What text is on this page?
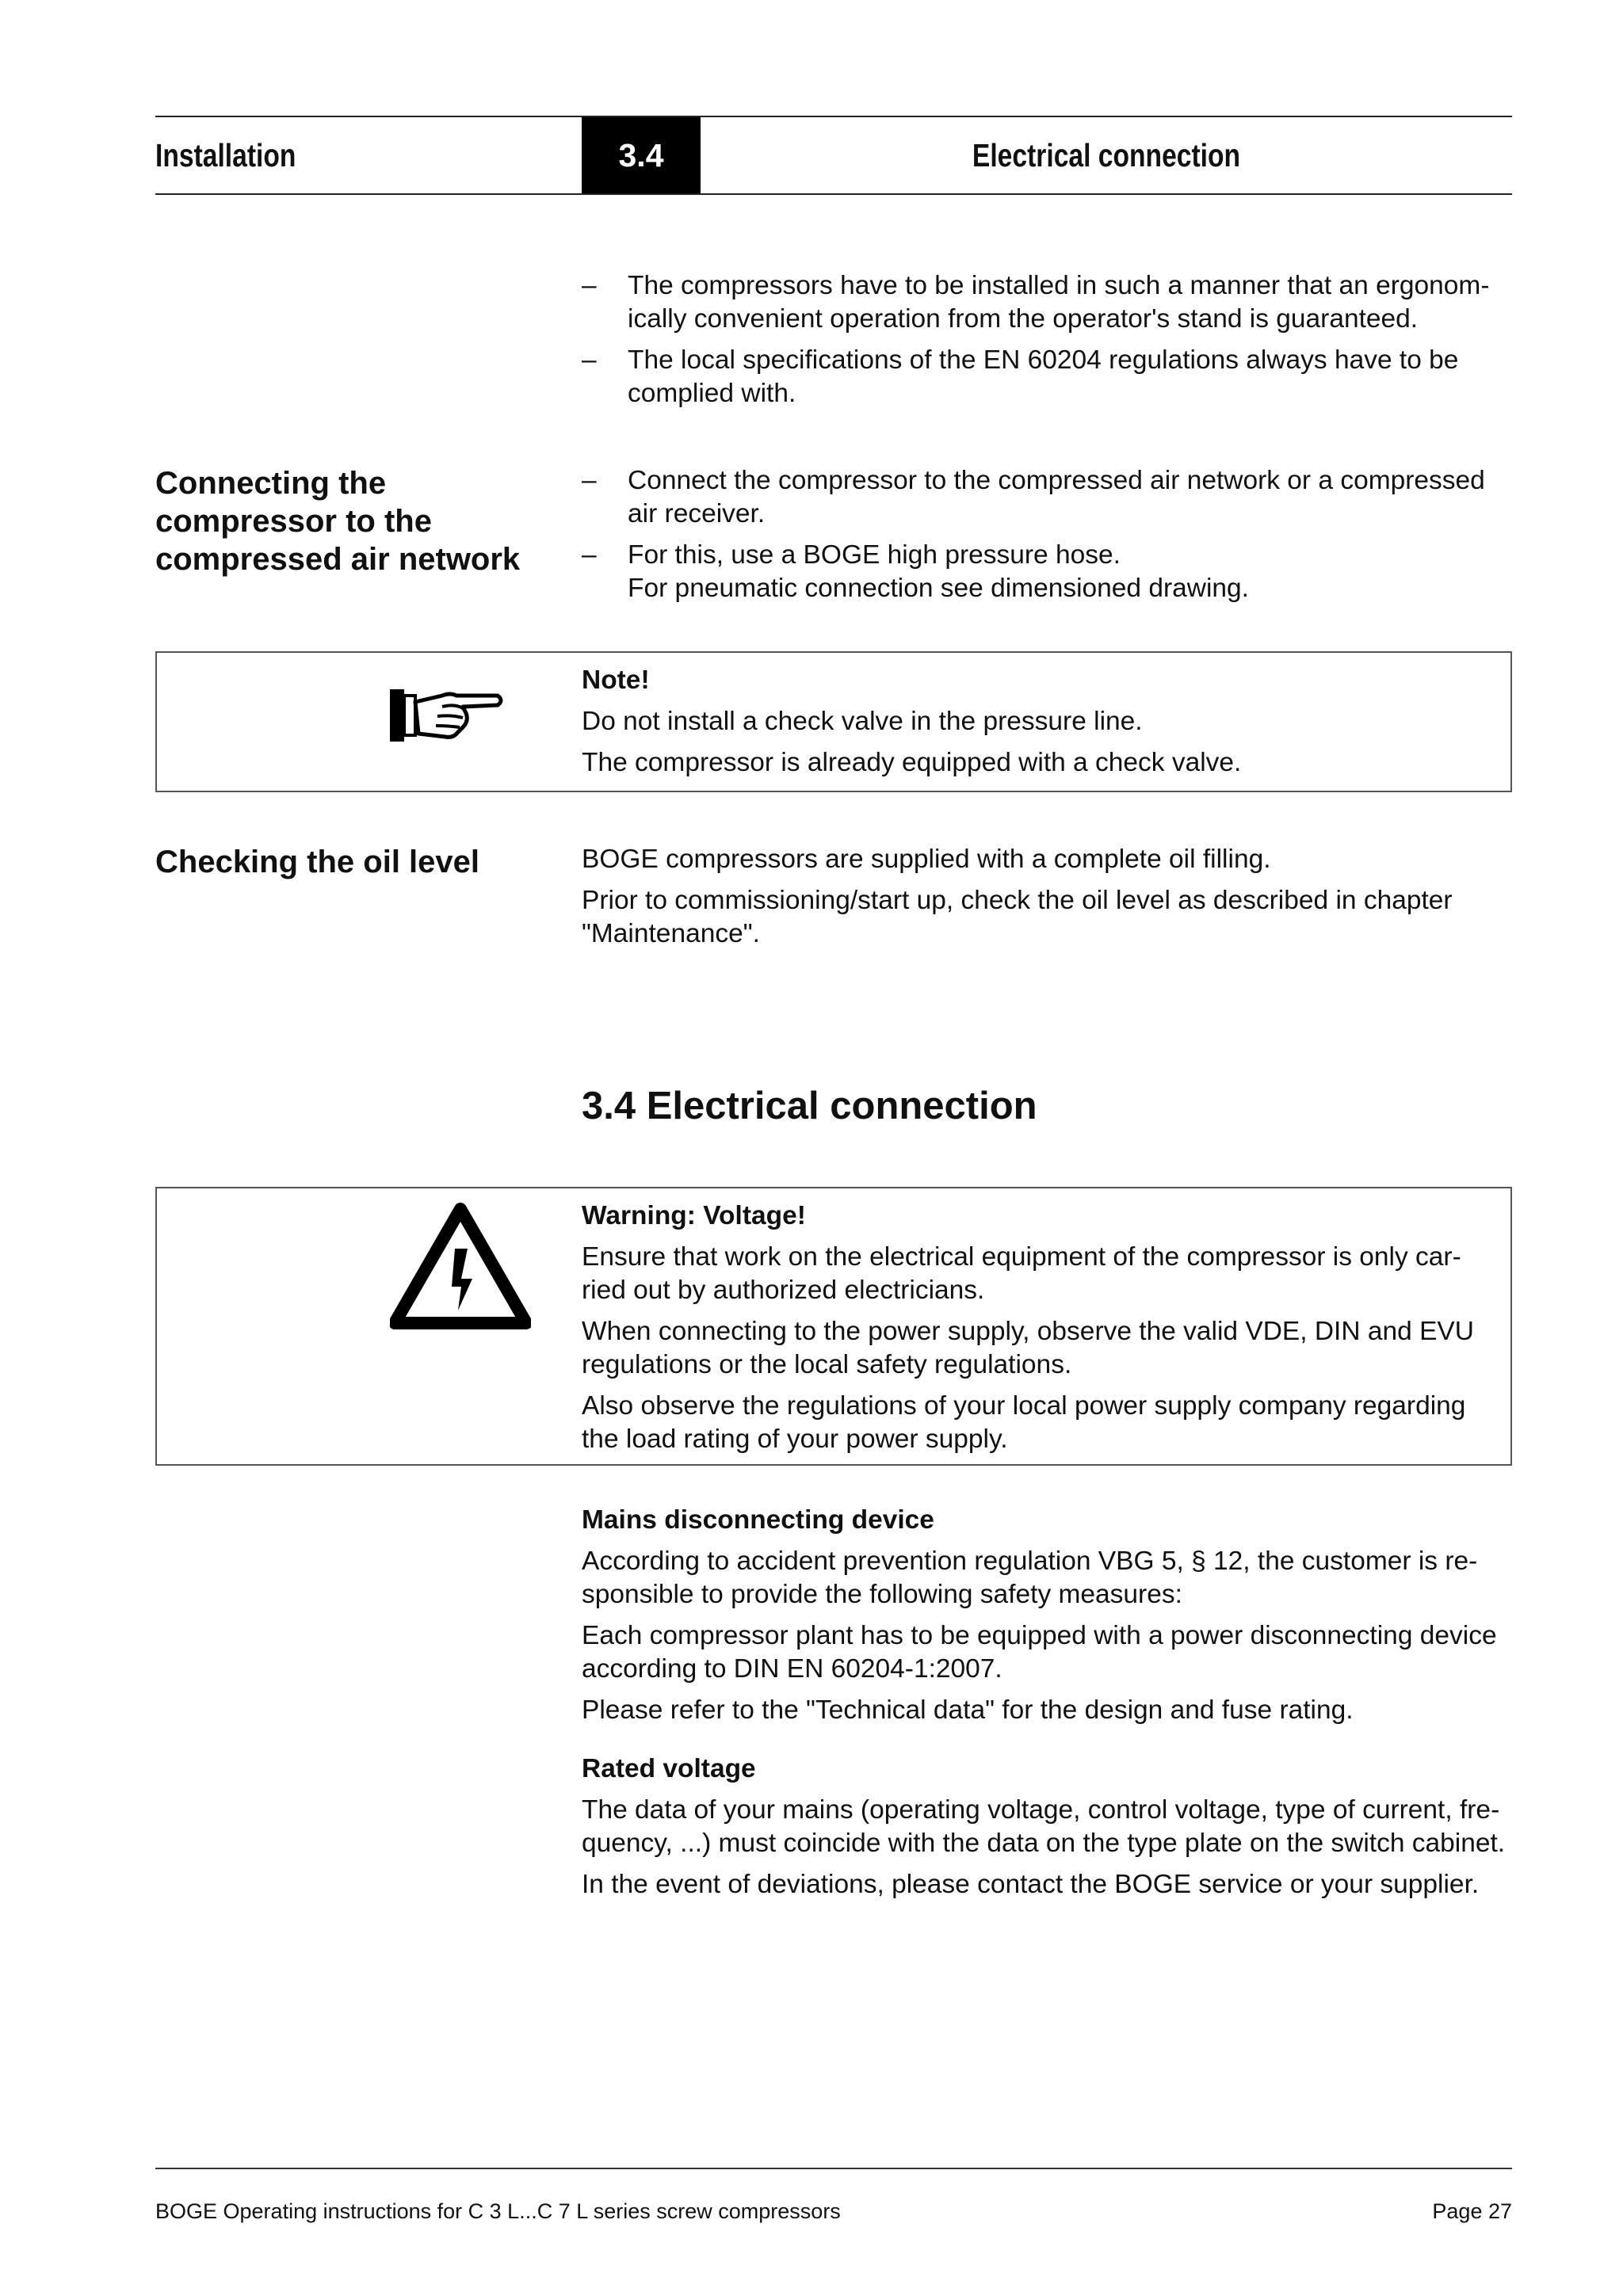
Installation	3.4	Electrical connection
– The compressors have to be installed in such a manner that an ergonom-ically convenient operation from the operator's stand is guaranteed.
– The local specifications of the EN 60204 regulations always have to be complied with.
Connecting the compressor to the compressed air network
– Connect the compressor to the compressed air network or a compressed air receiver.
– For this, use a BOGE high pressure hose.
For pneumatic connection see dimensioned drawing.
Note!

Do not install a check valve in the pressure line.

The compressor is already equipped with a check valve.

Checking the oil level	BOGE compressors are supplied with a complete oil filling.

Prior to commissioning/start up, check the oil level as described in chapter "Maintenance".

3.4 Electrical connection
Warning: Voltage!

Ensure that work on the electrical equipment of the compressor is only car-ried out by authorized electricians.

When connecting to the power supply, observe the valid VDE, DIN and EVU regulations or the local safety regulations.

Also observe the regulations of your local power supply company regarding the load rating of your power supply.

Mains disconnecting device

According to accident prevention regulation VBG 5, § 12, the customer is re-sponsible to provide the following safety measures:

Each compressor plant has to be equipped with a power disconnecting device according to DIN EN 60204-1:2007.

Please refer to the "Technical data" for the design and fuse rating.

Rated voltage

The data of your mains (operating voltage, control voltage, type of current, fre-quency, ...) must coincide with the data on the type plate on the switch cabinet.

In the event of deviations, please contact the BOGE service or your supplier.

BOGE Operating instructions for C 3 L...C 7 L series screw compressors	Page 27
